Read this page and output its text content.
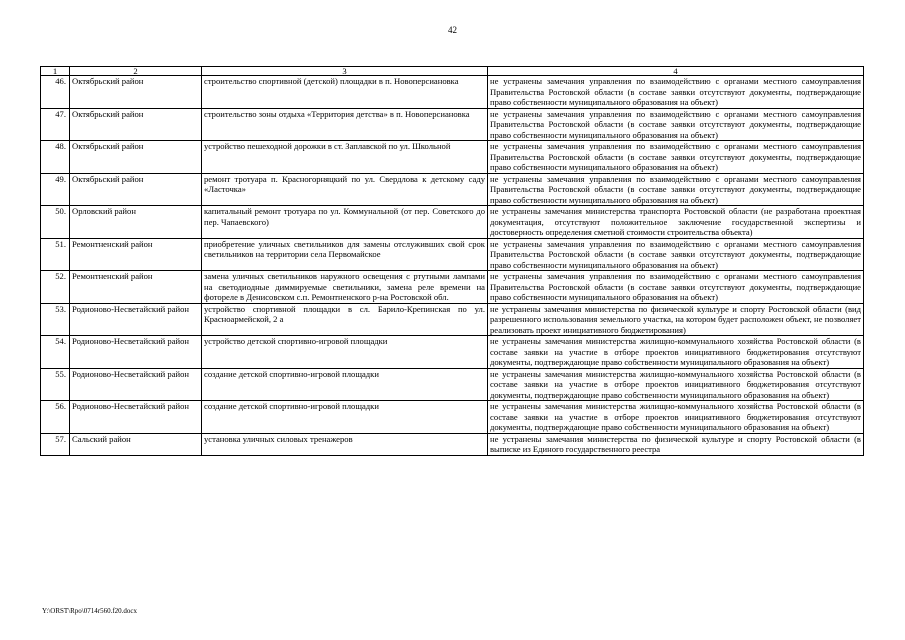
42
1	2	3	4
46.	Октябрьский район	строительство спортивной (детской) площадки в п. Новоперсиановка	не устранены замечания управления по взаимодействию с органами местного самоуправления Правительства Ростовской области (в составе заявки отсутствуют документы, подтверждающие право собственности муниципального образования на объект)
47.	Октябрьский район	строительство зоны отдыха «Территория детства» в п. Новоперсиановка	не устранены замечания управления по взаимодействию с органами местного самоуправления Правительства Ростовской области (в составе заявки отсутствуют документы, подтверждающие право собственности муниципального образования на объект)
48.	Октябрьский район	устройство пешеходной дорожки в ст. Заплавской по ул. Школьной	не устранены замечания управления по взаимодействию с органами местного самоуправления Правительства Ростовской области (в составе заявки отсутствуют документы, подтверждающие право собственности муниципального образования на объект)
49.	Октябрьский район	ремонт тротуара п. Красногорняцкий по ул. Свердлова к детскому саду «Ласточка»	не устранены замечания управления по взаимодействию с органами местного самоуправления Правительства Ростовской области (в составе заявки отсутствуют документы, подтверждающие право собственности муниципального образования на объект)
50.	Орловский район	капитальный ремонт тротуара по ул. Коммунальной (от пер. Советского до пер. Чапаевского)	не устранены замечания министерства транспорта Ростовской области (не разработана проектная документация, отсутствуют положительное заключение государственной экспертизы и достоверность определения сметной стоимости строительства объекта)
51.	Ремонтненский район	приобретение уличных светильников для замены отслуживших свой срок светильников на территории села Первомайское	не устранены замечания управления по взаимодействию с органами местного самоуправления Правительства Ростовской области (в составе заявки отсутствуют документы, подтверждающие право собственности муниципального образования на объект)
52.	Ремонтненский район	замена уличных светильников наружного освещения с ртутными лампами на светодиодные диммируемые светильники, замена реле времени на фотореле в Денисовском с.п. Ремонтненского р-на Ростовской обл.	не устранены замечания управления по взаимодействию с органами местного самоуправления Правительства Ростовской области (в составе заявки отсутствуют документы, подтверждающие право собственности муниципального образования на объект)
53.	Родионово-Несветайский район	устройство спортивной площадки в сл. Барило-Крепинская по ул. Красноармейской, 2 а	не устранены замечания министерства по физической культуре и спорту Ростовской области (вид разрешенного использования земельного участка, на котором будет расположен объект, не позволяет реализовать проект инициативного бюджетирования)
54.	Родионово-Несветайский район	устройство детской спортивно-игровой площадки	не устранены замечания министерства жилищно-коммунального хозяйства Ростовской области (в составе заявки на участие в отборе проектов инициативного бюджетирования отсутствуют документы, подтверждающие право собственности муниципального образования на объект)
55.	Родионово-Несветайский район	создание детской спортивно-игровой площадки	не устранены замечания министерства жилищно-коммунального хозяйства Ростовской области (в составе заявки на участие в отборе проектов инициативного бюджетирования отсутствуют документы, подтверждающие право собственности муниципального образования на объект)
56.	Родионово-Несветайский район	создание детской спортивно-игровой площадки	не устранены замечания министерства жилищно-коммунального хозяйства Ростовской области (в составе заявки на участие в отборе проектов инициативного бюджетирования отсутствуют документы, подтверждающие право собственности муниципального образования на объект)
57.	Сальский район	установка уличных силовых тренажеров	не устранены замечания министерства по физической культуре и спорту Ростовской области (в выписке из Единого государственного реестра
Y:\ORST\Rpo\0714r560.f20.docx
